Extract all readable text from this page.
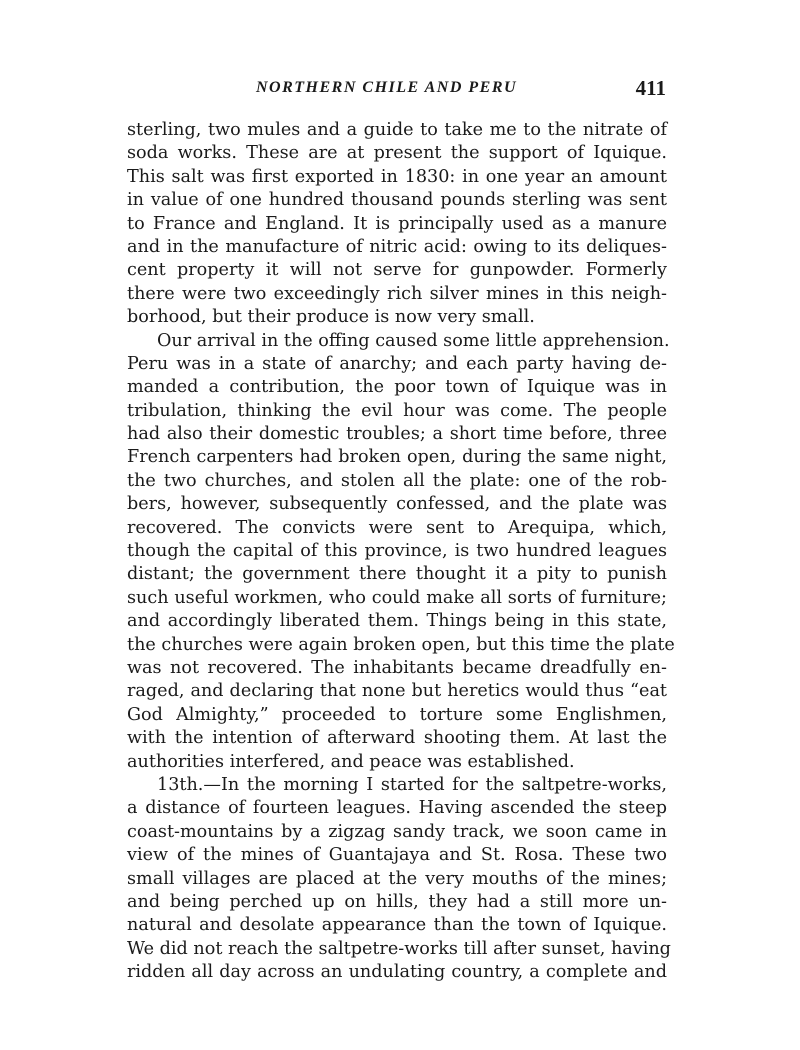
NORTHERN CHILE AND PERU	411
sterling, two mules and a guide to take me to the nitrate of
soda works. These are at present the support of Iquique.
This salt was first exported in 1830: in one year an amount
in value of one hundred thousand pounds sterling was sent
to France and England. It is principally used as a manure
and in the manufacture of nitric acid: owing to its deliques-
cent property it will not serve for gunpowder. Formerly
there were two exceedingly rich silver mines in this neigh-
borhood, but their produce is now very small.
Our arrival in the offing caused some little apprehension.
Peru was in a state of anarchy; and each party having de-
manded a contribution, the poor town of Iquique was in
tribulation, thinking the evil hour was come. The people
had also their domestic troubles; a short time before, three
French carpenters had broken open, during the same night,
the two churches, and stolen all the plate: one of the rob-
bers, however, subsequently confessed, and the plate was
recovered. The convicts were sent to Arequipa, which,
though the capital of this province, is two hundred leagues
distant; the government there thought it a pity to punish
such useful workmen, who could make all sorts of furniture;
and accordingly liberated them. Things being in this state,
the churches were again broken open, but this time the plate
was not recovered. The inhabitants became dreadfully en-
raged, and declaring that none but heretics would thus “eat
God Almighty,” proceeded to torture some Englishmen,
with the intention of afterward shooting them. At last the
authorities interfered, and peace was established.
13th.—In the morning I started for the saltpetre-works,
a distance of fourteen leagues. Having ascended the steep
coast-mountains by a zigzag sandy track, we soon came in
view of the mines of Guantajaya and St. Rosa. These two
small villages are placed at the very mouths of the mines;
and being perched up on hills, they had a still more un-
natural and desolate appearance than the town of Iquique.
We did not reach the saltpetre-works till after sunset, having
ridden all day across an undulating country, a complete and
